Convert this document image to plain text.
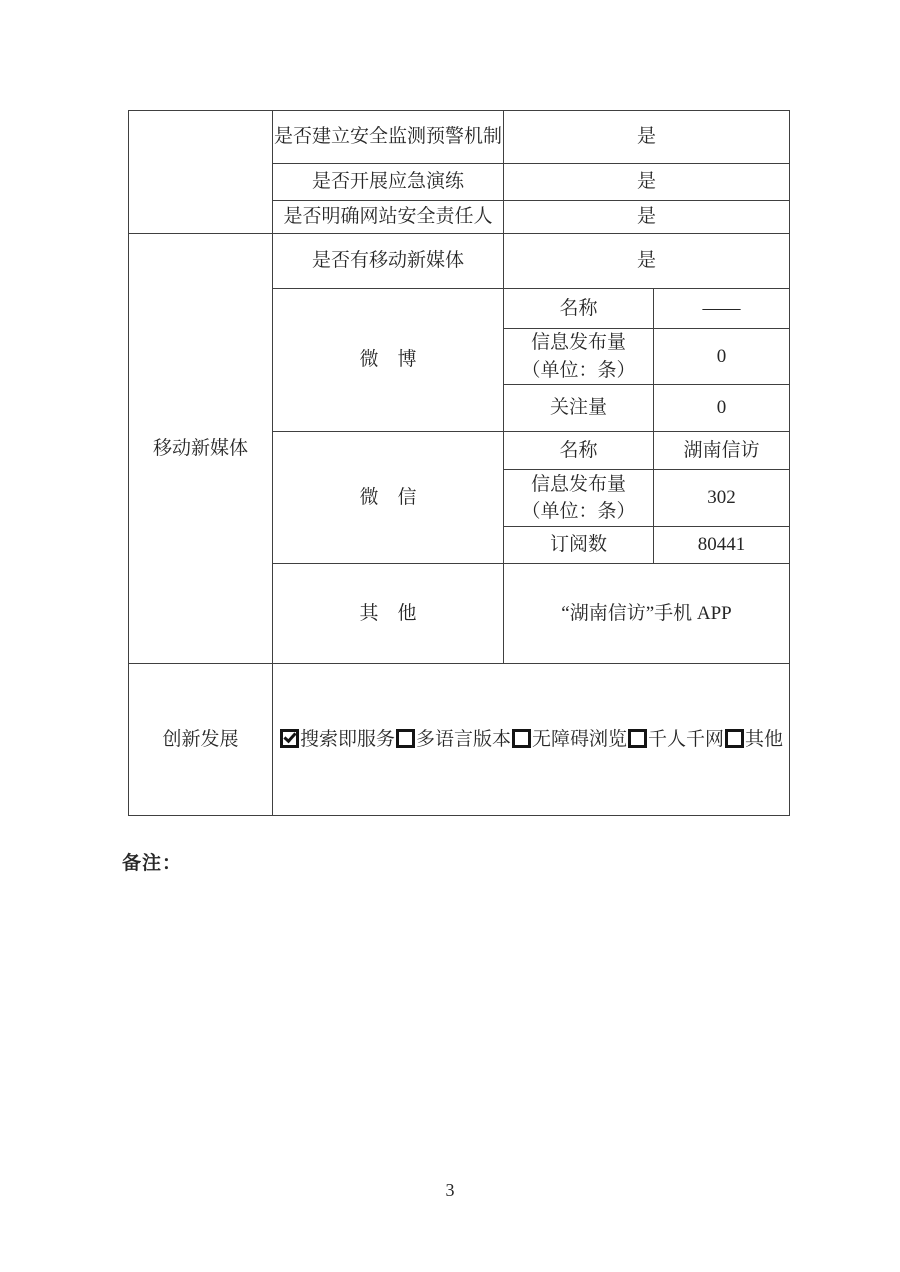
	是否建立安全监测预警机制	是	
	是否开展应急演练	是	
	是否明确网站安全责任人	是	
移动新媒体	是否有移动新媒体	是	
	微　博	名称	——

		信息发布量
（单位：条）	0
		关注量	0
	微　信	名称	湖南信访

		信息发布量
（单位：条）	302
		订阅数	80441
	其　他	“湖南信访”手机 APP	
创新发展	搜索即服务 多语言版本 无障碍浏览 千人千网 其他		
备注：
3
